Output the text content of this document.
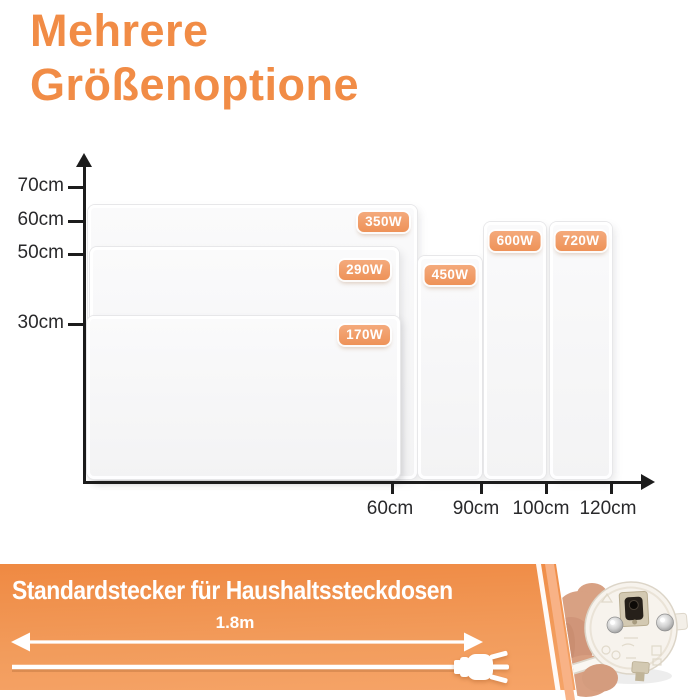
Mehrere
Größenoptione
350W
290W
170W
450W
600W	720W
70cm
60cm
50cm
30cm
60cm	90cm 100cm 120cm
Standardstecker für Haushaltssteckdosen
1.8m
